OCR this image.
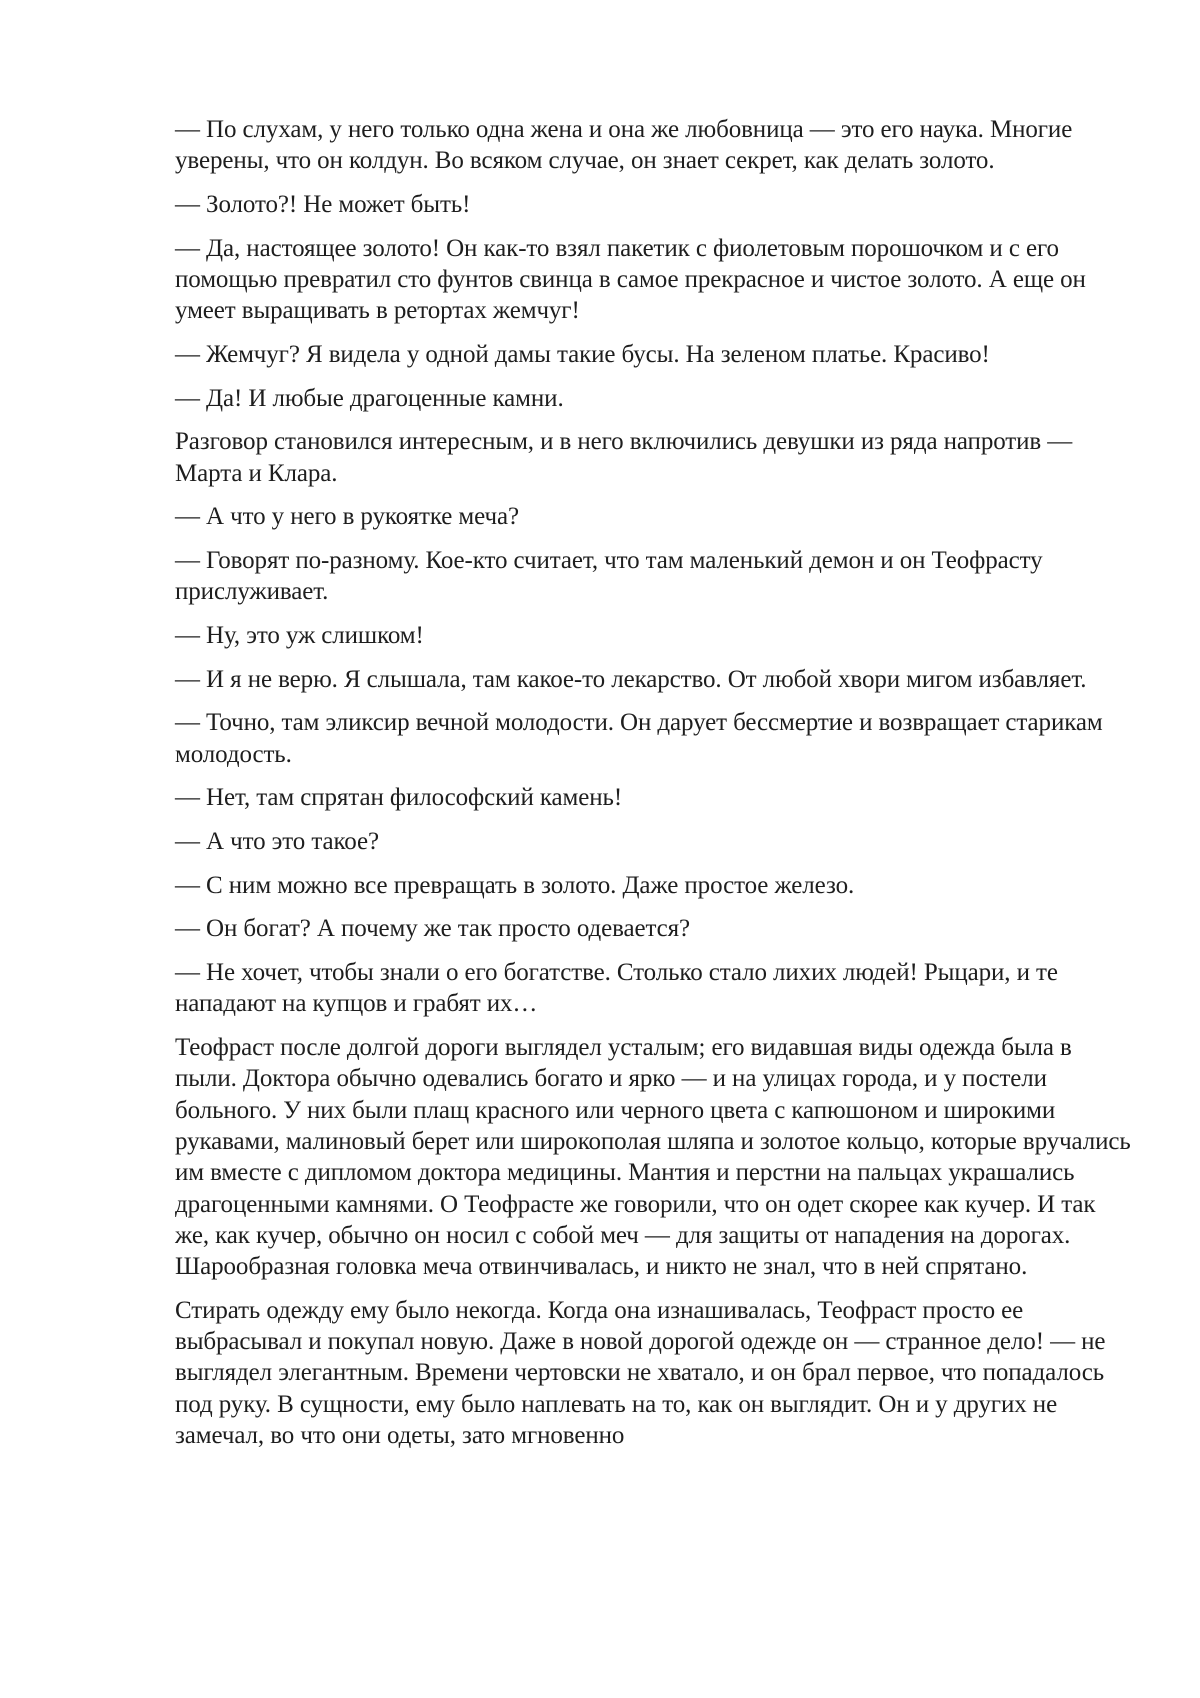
— По слухам, у него только одна жена и она же любовница — это его наука. Многие уверены, что он колдун. Во всяком случае, он знает секрет, как делать золото.

— Золото?! Не может быть!

— Да, настоящее золото! Он как-то взял пакетик с фиолетовым порошочком и с его помощью превратил сто фунтов свинца в самое прекрасное и чистое золото. А еще он умеет выращивать в ретортах жемчуг!

— Жемчуг? Я видела у одной дамы такие бусы. На зеленом платье. Красиво!

— Да! И любые драгоценные камни.

Разговор становился интересным, и в него включились девушки из ряда напротив — Марта и Клара.

— А что у него в рукоятке меча?

— Говорят по-разному. Кое-кто считает, что там маленький демон и он Теофрасту прислуживает.

— Ну, это уж слишком!

— И я не верю. Я слышала, там какое-то лекарство. От любой хвори мигом избавляет.

— Точно, там эликсир вечной молодости. Он дарует бессмертие и возвращает старикам молодость.

— Нет, там спрятан философский камень!

— А что это такое?

— С ним можно все превращать в золото. Даже простое железо.

— Он богат? А почему же так просто одевается?

— Не хочет, чтобы знали о его богатстве. Столько стало лихих людей! Рыцари, и те нападают на купцов и грабят их…

Теофраст после долгой дороги выглядел усталым; его видавшая виды одежда была в пыли. Доктора обычно одевались богато и ярко — и на улицах города, и у постели больного. У них были плащ красного или черного цвета с капюшоном и широкими рукавами, малиновый берет или широкополая шляпа и золотое кольцо, которые вручались им вместе с дипломом доктора медицины. Мантия и перстни на пальцах украшались драгоценными камнями. О Теофрасте же говорили, что он одет скорее как кучер. И так же, как кучер, обычно он носил с собой меч — для защиты от нападения на дорогах. Шарообразная головка меча отвинчивалась, и никто не знал, что в ней спрятано.

Стирать одежду ему было некогда. Когда она изнашивалась, Теофраст просто ее выбрасывал и покупал новую. Даже в новой дорогой одежде он — странное дело! — не выглядел элегантным. Времени чертовски не хватало, и он брал первое, что попадалось под руку. В сущности, ему было наплевать на то, как он выглядит. Он и у других не замечал, во что они одеты, зато мгновенно
